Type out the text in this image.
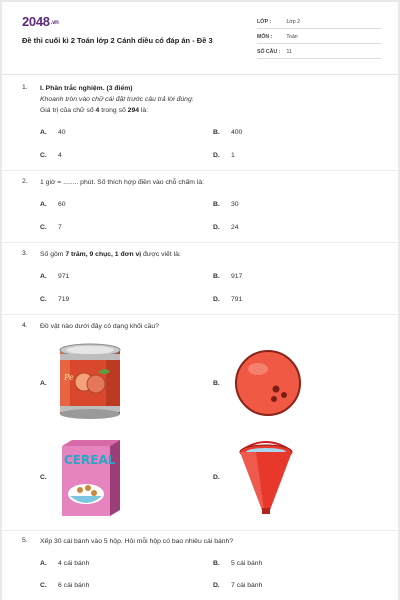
2048.vn
Đề thi cuối kì 2 Toán lớp 2 Cánh diều có đáp án - Đề 3
LỚP :	Lớp 2
MÔN :	Toán
SỐ CÂU : 11
1. I. Phần trắc nghiệm. (3 điểm)
Khoanh tròn vào chữ cái đặt trước câu trả lời đúng:
Giá trị của chữ số 4 trong số 294 là:
A. 40	B. 400
C. 4	D. 1
2. 1 giờ = ........ phút. Số thích hợp điền vào chỗ chấm là:
A. 60	B. 30
C. 7	D. 24
3. Số gồm 7 trăm, 9 chục, 1 đơn vị được viết là:
A. 971	B. 917
C. 719	D. 791
4. Đồ vật nào dưới đây có dạng khối cầu?
A.	B.
C.	D.
Pe
CEREAL
5. Xếp 30 cái bánh vào 5 hộp. Hỏi mỗi hộp có bao nhiêu cái bánh?
A. 4 cái bánh	B. 5 cái bánh
C. 6 cái bánh	D. 7 cái bánh
